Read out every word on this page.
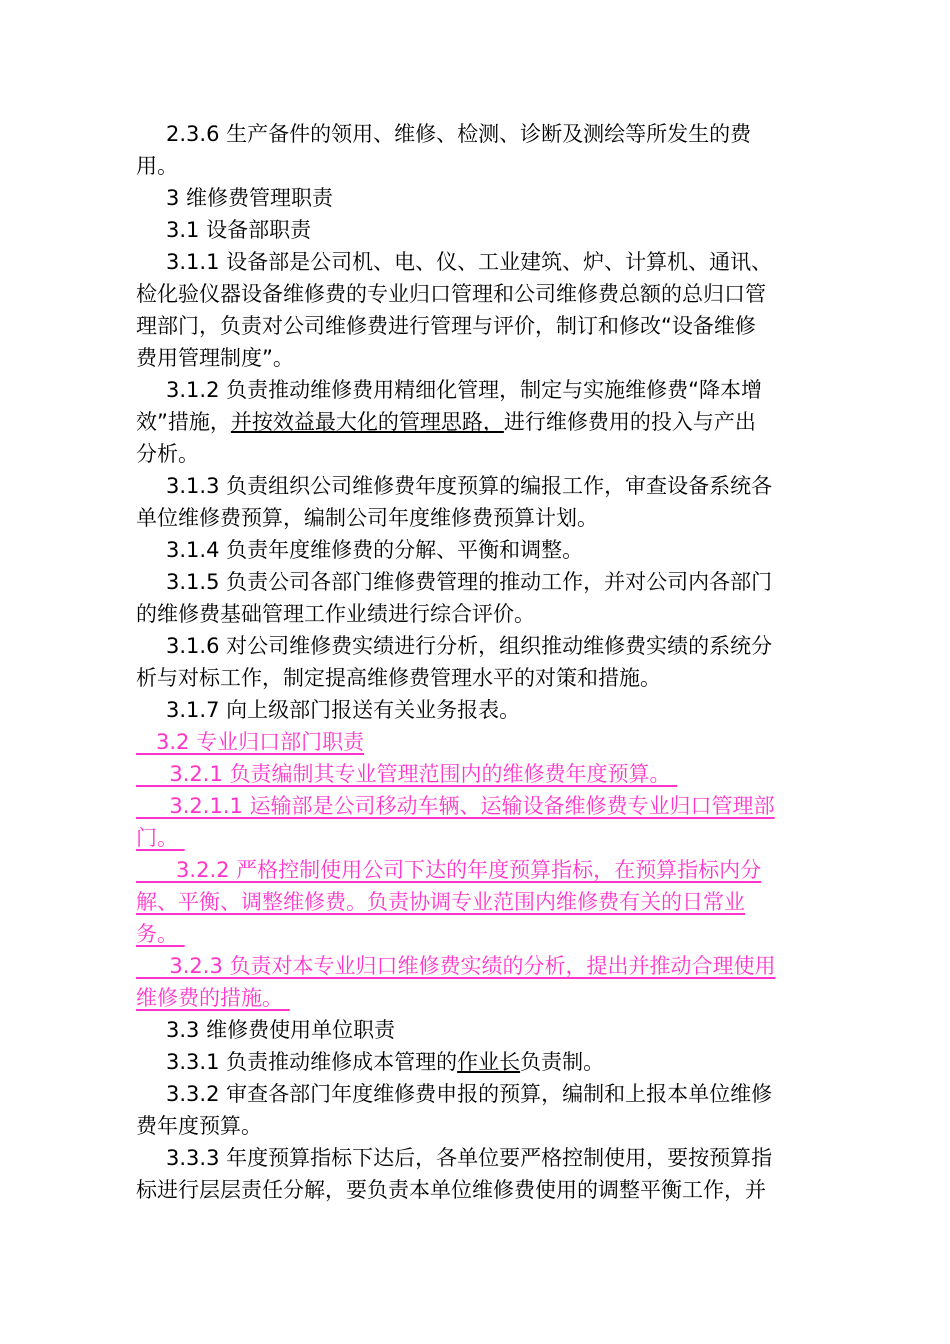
2.3.6 生产备件的领用、维修、检测、诊断及测绘等所发生的费
用。
3 维修费管理职责
3.1 设备部职责
3.1.1 设备部是公司机、电、仪、工业建筑、炉、计算机、通讯、
检化验仪器设备维修费的专业归口管理和公司维修费总额的总归口管
理部门，负责对公司维修费进行管理与评价，制订和修改“设备维修
费用管理制度”。
3.1.2 负责推动维修费用精细化管理，制定与实施维修费“降本增
效”措施，并按效益最大化的管理思路，进行维修费用的投入与产出
分析。
3.1.3 负责组织公司维修费年度预算的编报工作，审查设备系统各
单位维修费预算，编制公司年度维修费预算计划。
3.1.4 负责年度维修费的分解、平衡和调整。
3.1.5 负责公司各部门维修费管理的推动工作，并对公司内各部门
的维修费基础管理工作业绩进行综合评价。
3.1.6 对公司维修费实绩进行分析，组织推动维修费实绩的系统分
析与对标工作，制定提高维修费管理水平的对策和措施。
3.1.7 向上级部门报送有关业务报表。
3.2 专业归口部门职责
3.2.1 负责编制其专业管理范围内的维修费年度预算。
3.2.1.1 运输部是公司移动车辆、运输设备维修费专业归口管理部
门。
3.2.2 严格控制使用公司下达的年度预算指标，在预算指标内分
解、平衡、调整维修费。负责协调专业范围内维修费有关的日常业
务。
3.2.3 负责对本专业归口维修费实绩的分析，提出并推动合理使用
维修费的措施。
3.3 维修费使用单位职责
3.3.1 负责推动维修成本管理的作业长负责制。
3.3.2 审查各部门年度维修费申报的预算，编制和上报本单位维修
费年度预算。
3.3.3 年度预算指标下达后，各单位要严格控制使用，要按预算指
标进行层层责任分解，要负责本单位维修费使用的调整平衡工作，并
